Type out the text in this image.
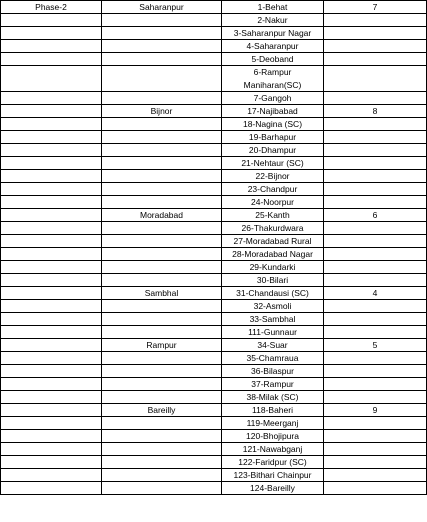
Phase-2	Saharanpur	1-Behat	7
		2-Nakur	
		3-Saharanpur Nagar	
		4-Saharanpur	
		5-Deoband	
		6-Rampur Maniharan(SC)	
		7-Gangoh	
	Bijnor	17-Najibabad	8
		18-Nagina (SC)	
		19-Barhapur	
		20-Dhampur	
		21-Nehtaur (SC)	
		22-Bijnor	
		23-Chandpur	
		24-Noorpur	
	Moradabad	25-Kanth	6
		26-Thakurdwara	
		27-Moradabad Rural	
		28-Moradabad Nagar	
		29-Kundarki	
		30-Bilari	
	Sambhal	31-Chandausi (SC)	4
		32-Asmoli	
		33-Sambhal	
		111-Gunnaur	
	Rampur	34-Suar	5
		35-Chamraua	
		36-Bilaspur	
		37-Rampur	
		38-Milak (SC)	
	Bareilly	118-Baheri	9
		119-Meerganj	
		120-Bhojipura	
		121-Nawabganj	
		122-Faridpur (SC)	
		123-Bithari Chainpur	
		124-Bareilly	
